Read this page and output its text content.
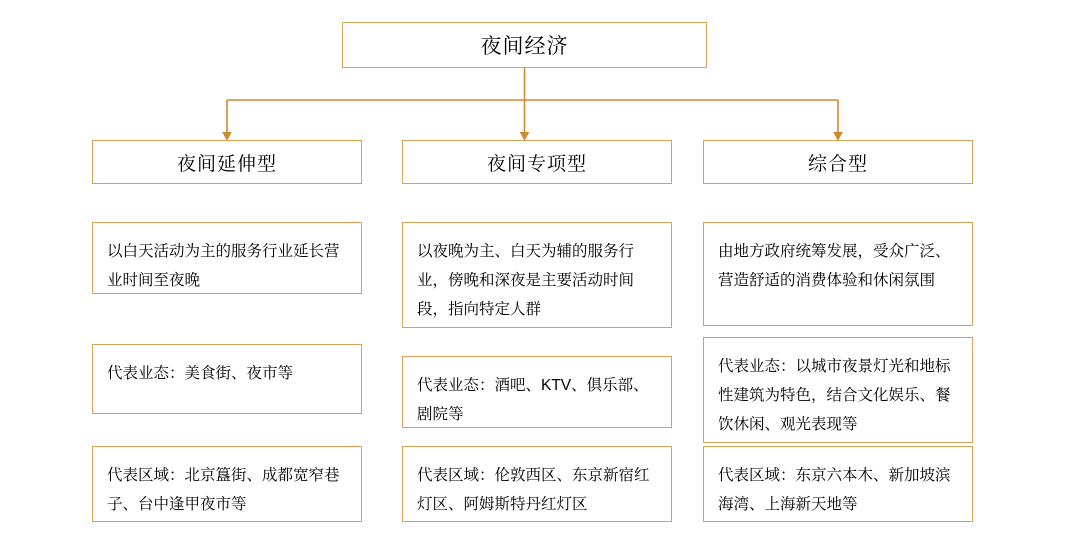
夜间经济
夜间延伸型	夜间专项型	综合型
以白天活动为主的服务行业延长营业时间至夜晚
代表业态：美食街、夜市等
代表区域：北京簋街、成都宽窄巷子、台中逢甲夜市等
以夜晚为主、白天为辅的服务行业，傍晚和深夜是主要活动时间段，指向特定人群
代表业态：酒吧、KTV、俱乐部、剧院等
代表区域：伦敦西区、东京新宿红灯区、阿姆斯特丹红灯区
由地方政府统筹发展，受众广泛、营造舒适的消费体验和休闲氛围
代表业态：以城市夜景灯光和地标性建筑为特色，结合文化娱乐、餐饮休闲、观光表现等
代表区域：东京六本木、新加坡滨海湾、上海新天地等
